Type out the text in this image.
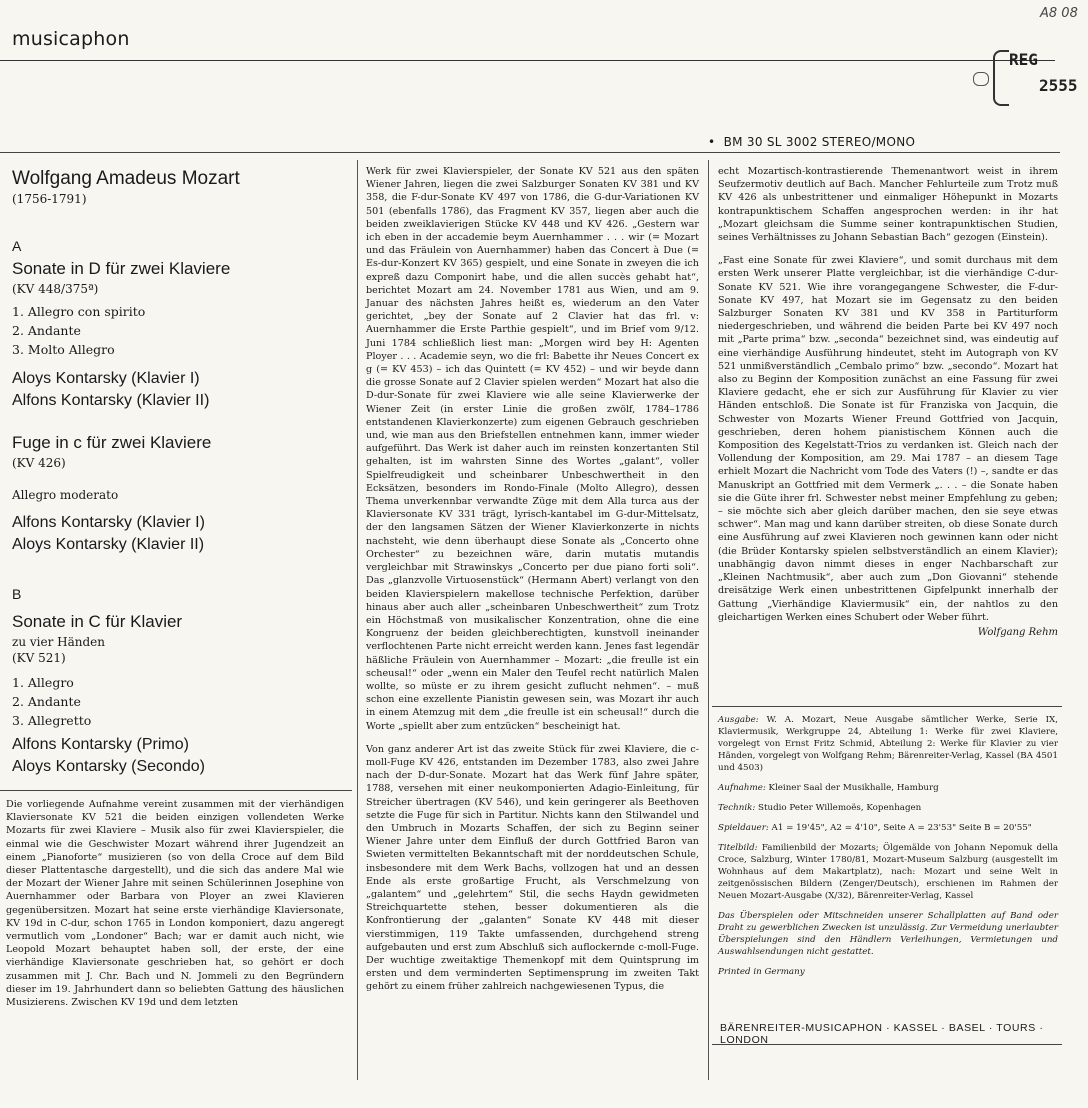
musicaphon
A8 08
REG
2555
•  BM 30 SL 3002 STEREO/MONO
Wolfgang Amadeus Mozart
(1756-1791)
A
Sonate in D für zwei Klaviere
(KV 448/375ª)
1. Allegro con spirito
2. Andante
3. Molto Allegro
Aloys Kontarsky (Klavier I)
Alfons Kontarsky (Klavier II)
Fuge in c für zwei Klaviere
(KV 426)
Allegro moderato
Alfons Kontarsky (Klavier I)
Aloys Kontarsky (Klavier II)
B
Sonate in C für Klavier
zu vier Händen
(KV 521)
1. Allegro
2. Andante
3. Allegretto
Alfons Kontarsky (Primo)
Aloys Kontarsky (Secondo)

Die vorliegende Aufnahme vereint zusammen mit der vierhändigen Klaviersonate KV 521 die beiden einzigen vollendeten Werke Mozarts für zwei Klaviere – Musik also für zwei Klavierspieler, die einmal wie die Geschwister Mozart während ihrer Jugendzeit an einem „Pianoforte“ musizieren (so von della Croce auf dem Bild dieser Plattentasche dargestellt), und die sich das andere Mal wie der Mozart der Wiener Jahre mit seinen Schülerinnen Josephine von Auernhammer oder Barbara von Ployer an zwei Klavieren gegenübersitzen. Mozart hat seine erste vierhändige Klaviersonate, KV 19d in C-dur, schon 1765 in London komponiert, dazu angeregt vermutlich vom „Londoner“ Bach; war er damit auch nicht, wie Leopold Mozart behauptet haben soll, der erste, der eine vierhändige Klaviersonate geschrieben hat, so gehört er doch zusammen mit J. Chr. Bach und N. Jommeli zu den Begründern dieser im 19. Jahrhundert dann so beliebten Gattung des häuslichen Musizierens. Zwischen KV 19d und dem letzten

Werk für zwei Klavierspieler, der Sonate KV 521 aus den späten Wiener Jahren, liegen die zwei Salzburger Sonaten KV 381 und KV 358, die F-dur-Sonate KV 497 von 1786, die G-dur-Variationen KV 501 (ebenfalls 1786), das Fragment KV 357, liegen aber auch die beiden zweiklavierigen Stücke KV 448 und KV 426. „Gestern war ich eben in der accademie beym Auernhammer . . . wir (= Mozart und das Fräulein von Auernhammer) haben das Concert à Due (= Es-dur-Konzert KV 365) gespielt, und eine Sonate in zweyen die ich expreß dazu Componirt habe, und die allen succès gehabt hat“, berichtet Mozart am 24. November 1781 aus Wien, und am 9. Januar des nächsten Jahres heißt es, wiederum an den Vater gerichtet, „bey der Sonate auf 2 Clavier hat das frl. v: Auernhammer die Erste Parthie gespielt“, und im Brief vom 9/12. Juni 1784 schließlich liest man: „Morgen wird bey H: Agenten Ployer . . . Academie seyn, wo die frl: Babette ihr Neues Concert ex g (= KV 453) – ich das Quintett (= KV 452) – und wir beyde dann die grosse Sonate auf 2 Clavier spielen werden“ Mozart hat also die D-dur-Sonate für zwei Klaviere wie alle seine Klavierwerke der Wiener Zeit (in erster Linie die großen zwölf, 1784–1786 entstandenen Klavierkonzerte) zum eigenen Gebrauch geschrieben und, wie man aus den Briefstellen entnehmen kann, immer wieder aufgeführt. Das Werk ist daher auch im reinsten konzertanten Stil gehalten, ist im wahrsten Sinne des Wortes „galant“, voller Spielfreudigkeit und scheinbarer Unbeschwertheit in den Ecksätzen, besonders im Rondo-Finale (Molto Allegro), dessen Thema unverkennbar verwandte Züge mit dem Alla turca aus der Klaviersonate KV 331 trägt, lyrisch-kantabel im G-dur-Mittelsatz, der den langsamen Sätzen der Wiener Klavierkonzerte in nichts nachsteht, wie denn überhaupt diese Sonate als „Concerto ohne Orchester“ zu bezeichnen wäre, darin mutatis mutandis vergleichbar mit Strawinskys „Concerto per due piano forti soli“. Das „glanzvolle Virtuosenstück“ (Hermann Abert) verlangt von den beiden Klavierspielern makellose technische Perfektion, darüber hinaus aber auch aller „scheinbaren Unbeschwertheit“ zum Trotz ein Höchstmaß von musikalischer Konzentration, ohne die eine Kongruenz der beiden gleichberechtigten, kunstvoll ineinander verflochtenen Parte nicht erreicht werden kann. Jenes fast legendär häßliche Fräulein von Auernhammer – Mozart: „die freulle ist ein scheusal!“ oder „wenn ein Maler den Teufel recht natürlich Malen wollte, so müste er zu ihrem gesicht zuflucht nehmen“. – muß schon eine exzellente Pianistin gewesen sein, was Mozart ihr auch in einem Atemzug mit dem „die freulle ist ein scheusal!“ durch die Worte „spiellt aber zum entzücken“ bescheinigt hat.

Von ganz anderer Art ist das zweite Stück für zwei Klaviere, die c-moll-Fuge KV 426, entstanden im Dezember 1783, also zwei Jahre nach der D-dur-Sonate. Mozart hat das Werk fünf Jahre später, 1788, versehen mit einer neukomponierten Adagio-Einleitung, für Streicher übertragen (KV 546), und kein geringerer als Beethoven setzte die Fuge für sich in Partitur. Nichts kann den Stilwandel und den Umbruch in Mozarts Schaffen, der sich zu Beginn seiner Wiener Jahre unter dem Einfluß der durch Gottfried Baron van Swieten vermittelten Bekanntschaft mit der norddeutschen Schule, insbesondere mit dem Werk Bachs, vollzogen hat und an dessen Ende als erste großartige Frucht, als Verschmelzung von „galantem“ und „gelehrtem“ Stil, die sechs Haydn gewidmeten Streichquartette stehen, besser dokumentieren als die Konfrontierung der „galanten“ Sonate KV 448 mit dieser vierstimmigen, 119 Takte umfassenden, durchgehend streng aufgebauten und erst zum Abschluß sich auflockernde c-moll-Fuge. Der wuchtige zweitaktige Themenkopf mit dem Quintsprung im ersten und dem verminderten Septimensprung im zweiten Takt gehört zu einem früher zahlreich nachgewiesenen Typus, die

echt Mozartisch-kontrastierende Themenantwort weist in ihrem Seufzermotiv deutlich auf Bach. Mancher Fehlurteile zum Trotz muß KV 426 als unbestrittener und einmaliger Höhepunkt in Mozarts kontrapunktischem Schaffen angesprochen werden: in ihr hat „Mozart gleichsam die Summe seiner kontrapunktischen Studien, seines Verhältnisses zu Johann Sebastian Bach“ gezogen (Einstein).

„Fast eine Sonate für zwei Klaviere“, und somit durchaus mit dem ersten Werk unserer Platte vergleichbar, ist die vierhändige C-dur-Sonate KV 521. Wie ihre vorangegangene Schwester, die F-dur-Sonate KV 497, hat Mozart sie im Gegensatz zu den beiden Salzburger Sonaten KV 381 und KV 358 in Partiturform niedergeschrieben, und während die beiden Parte bei KV 497 noch mit „Parte prima“ bzw. „seconda“ bezeichnet sind, was eindeutig auf eine vierhändige Ausführung hindeutet, steht im Autograph von KV 521 unmißverständlich „Cembalo primo“ bzw. „secondo“. Mozart hat also zu Beginn der Komposition zunächst an eine Fassung für zwei Klaviere gedacht, ehe er sich zur Ausführung für Klavier zu vier Händen entschloß. Die Sonate ist für Franziska von Jacquin, die Schwester von Mozarts Wiener Freund Gottfried von Jacquin, geschrieben, deren hohem pianistischem Können auch die Komposition des Kegelstatt-Trios zu verdanken ist. Gleich nach der Vollendung der Komposition, am 29. Mai 1787 – an diesem Tage erhielt Mozart die Nachricht vom Tode des Vaters (!) –, sandte er das Manuskript an Gottfried mit dem Vermerk „. . . – die Sonate haben sie die Güte ihrer frl. Schwester nebst meiner Empfehlung zu geben; – sie möchte sich aber gleich darüber machen, den sie seye etwas schwer“. Man mag und kann darüber streiten, ob diese Sonate durch eine Ausführung auf zwei Klavieren noch gewinnen kann oder nicht (die Brüder Kontarsky spielen selbstverständlich an einem Klavier); unabhängig davon nimmt dieses in enger Nachbarschaft zur „Kleinen Nachtmusik“, aber auch zum „Don Giovanni“ stehende dreisätzige Werk einen unbestrittenen Gipfelpunkt innerhalb der Gattung „Vierhändige Klaviermusik“ ein, der nahtlos zu den gleichartigen Werken eines Schubert oder Weber führt.

Wolfgang Rehm

Ausgabe: W. A. Mozart, Neue Ausgabe sämtlicher Werke, Serie IX, Klaviermusik, Werkgruppe 24, Abteilung 1: Werke für zwei Klaviere, vorgelegt von Ernst Fritz Schmid, Abteilung 2: Werke für Klavier zu vier Händen, vorgelegt von Wolfgang Rehm; Bärenreiter-Verlag, Kassel (BA 4501 und 4503)

Aufnahme: Kleiner Saal der Musikhalle, Hamburg

Technik: Studio Peter Willemoës, Kopenhagen

Spieldauer: A1 = 19'45", A2 = 4'10", Seite A = 23'53" Seite B = 20'55"

Titelbild: Familienbild der Mozarts; Ölgemälde von Johann Nepomuk della Croce, Salzburg, Winter 1780/81, Mozart-Museum Salzburg (ausgestellt im Wohnhaus auf dem Makartplatz), nach: Mozart und seine Welt in zeitgenössischen Bildern (Zenger/Deutsch), erschienen im Rahmen der Neuen Mozart-Ausgabe (X/32), Bärenreiter-Verlag, Kassel

Das Überspielen oder Mitschneiden unserer Schallplatten auf Band oder Draht zu gewerblichen Zwecken ist unzulässig. Zur Vermeidung unerlaubter Überspielungen sind den Händlern Verleihungen, Vermietungen und Auswahlsendungen nicht gestattet.

Printed in Germany

BÄRENREITER-MUSICAPHON · KASSEL · BASEL · TOURS · LONDON
